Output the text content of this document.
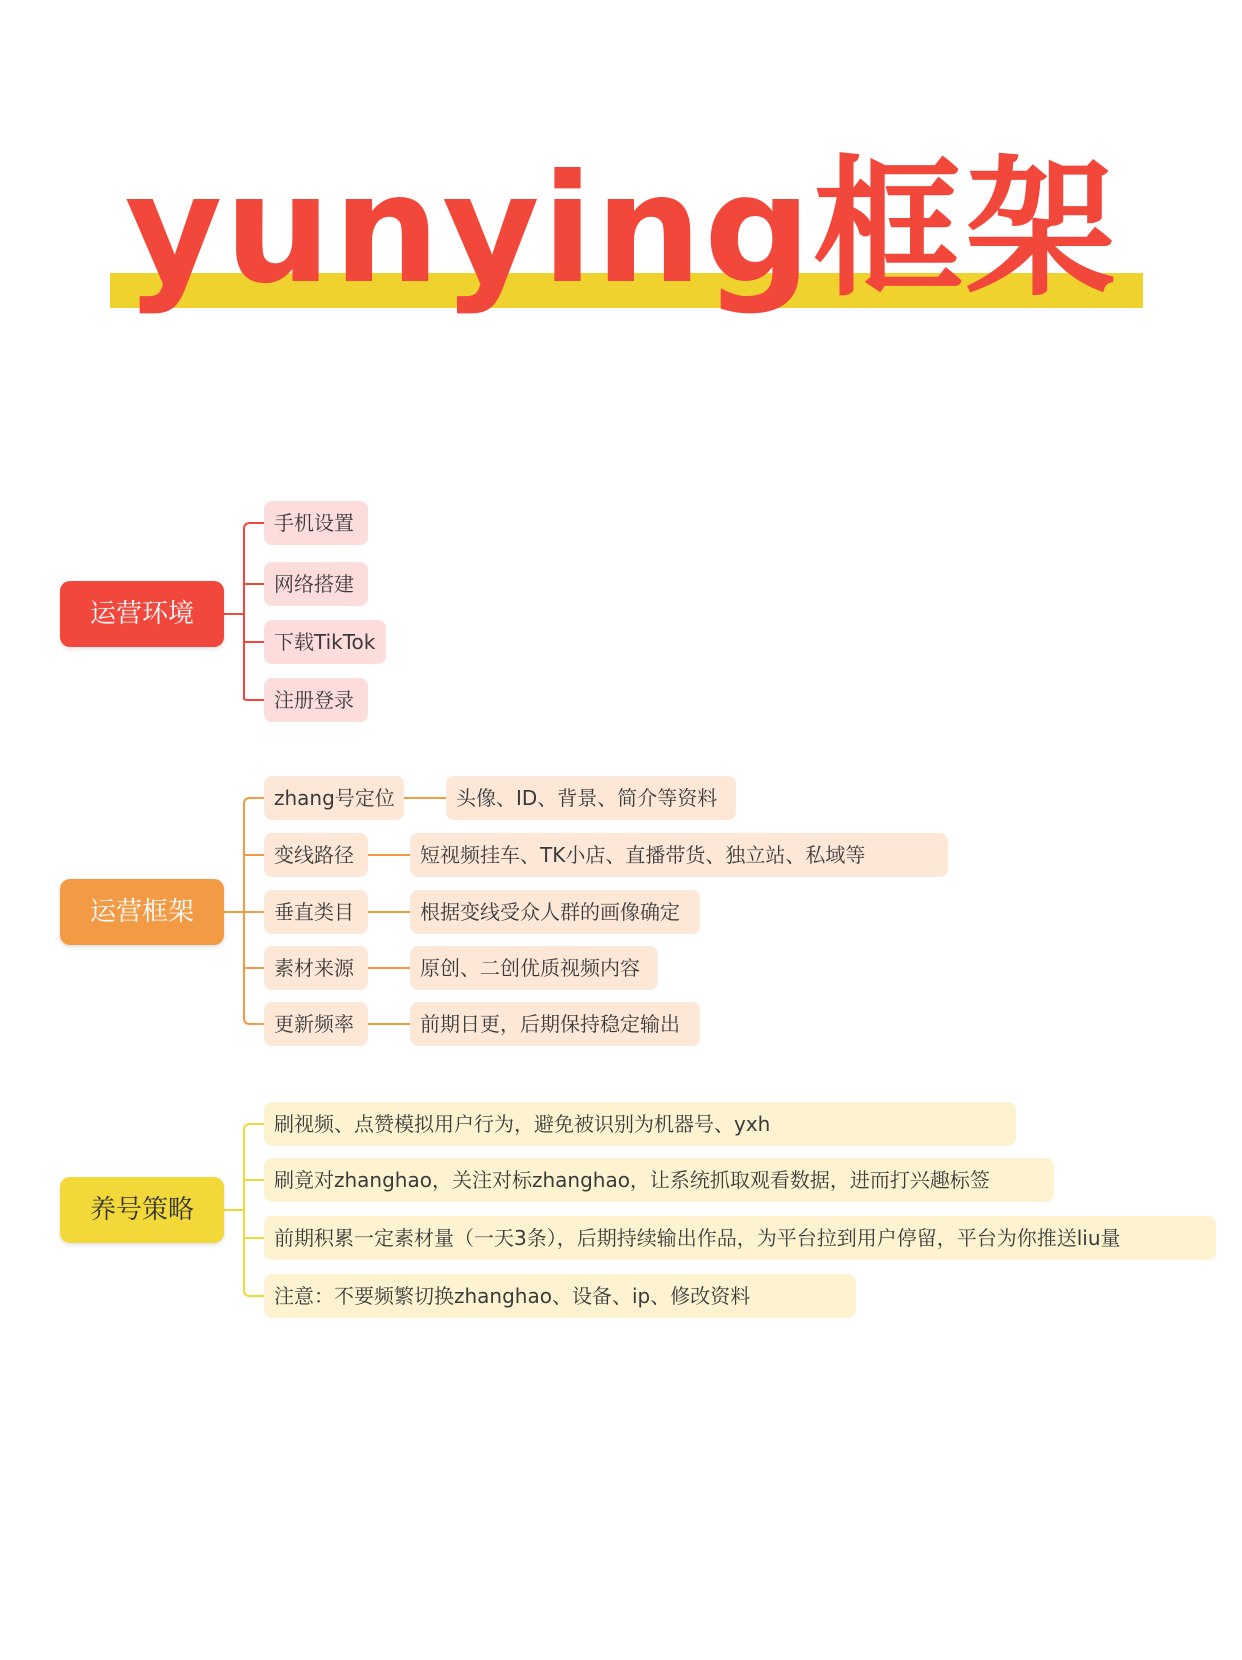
yunying框架
运营环境
手机设置
网络搭建
下载TikTok
注册登录
运营框架
zhang号定位	头像、ID、背景、简介等资料
变线路径	短视频挂车、TK小店、直播带货、独立站、私域等
垂直类目	根据变线受众人群的画像确定
素材来源	原创、二创优质视频内容
更新频率	前期日更，后期保持稳定输出
养号策略
刷视频、点赞模拟用户行为，避免被识别为机器号、yxh
刷竟对zhanghao，关注对标zhanghao，让系统抓取观看数据，进而打兴趣标签
前期积累一定素材量（一天3条），后期持续输出作品，为平台拉到用户停留，平台为你推送liu量
注意：不要频繁切换zhanghao、设备、ip、修改资料
